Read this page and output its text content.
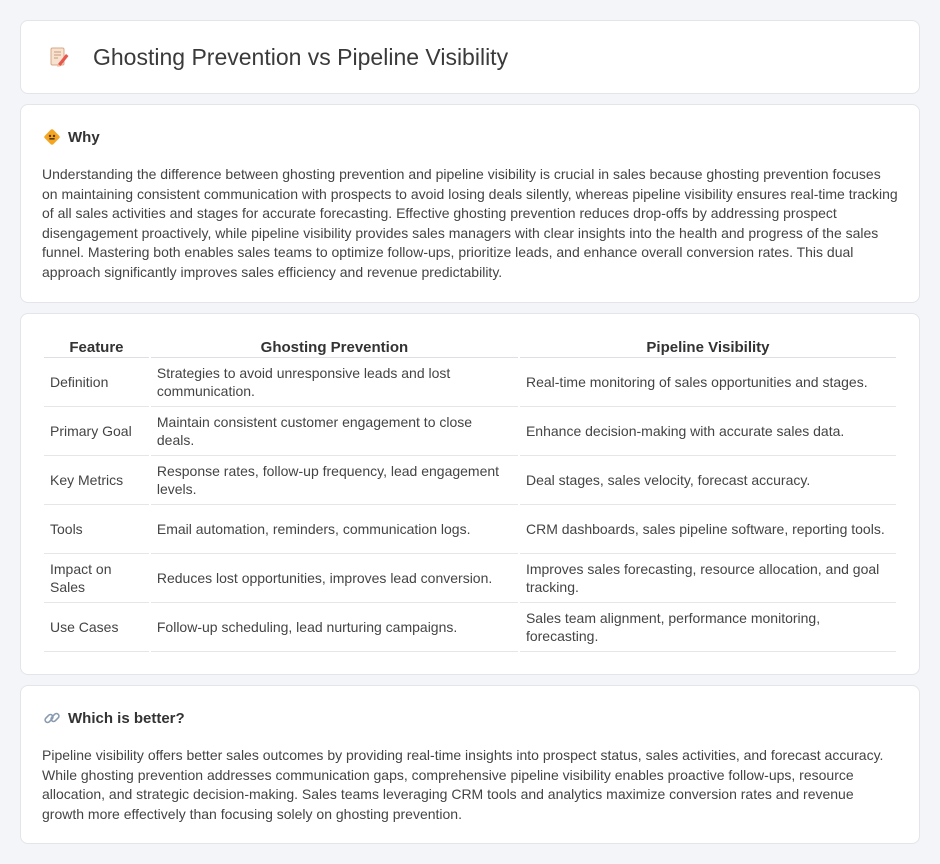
Ghosting Prevention vs Pipeline Visibility
Why

Understanding the difference between ghosting prevention and pipeline visibility is crucial in sales because ghosting prevention focuses on maintaining consistent communication with prospects to avoid losing deals silently, whereas pipeline visibility ensures real-time tracking of all sales activities and stages for accurate forecasting. Effective ghosting prevention reduces drop-offs by addressing prospect disengagement proactively, while pipeline visibility provides sales managers with clear insights into the health and progress of the sales funnel. Mastering both enables sales teams to optimize follow-ups, prioritize leads, and enhance overall conversion rates. This dual approach significantly improves sales efficiency and revenue predictability.

Feature	Ghosting Prevention	Pipeline Visibility
Definition	Strategies to avoid unresponsive leads and lost communication.	Real-time monitoring of sales opportunities and stages.
Primary Goal	Maintain consistent customer engagement to close deals.	Enhance decision-making with accurate sales data.
Key Metrics	Response rates, follow-up frequency, lead engagement levels.	Deal stages, sales velocity, forecast accuracy.
Tools	Email automation, reminders, communication logs.	CRM dashboards, sales pipeline software, reporting tools.
Impact on Sales	Reduces lost opportunities, improves lead conversion.	Improves sales forecasting, resource allocation, and goal tracking.
Use Cases	Follow-up scheduling, lead nurturing campaigns.	Sales team alignment, performance monitoring, forecasting.
Which is better?

Pipeline visibility offers better sales outcomes by providing real-time insights into prospect status, sales activities, and forecast accuracy. While ghosting prevention addresses communication gaps, comprehensive pipeline visibility enables proactive follow-ups, resource allocation, and strategic decision-making. Sales teams leveraging CRM tools and analytics maximize conversion rates and revenue growth more effectively than focusing solely on ghosting prevention.
